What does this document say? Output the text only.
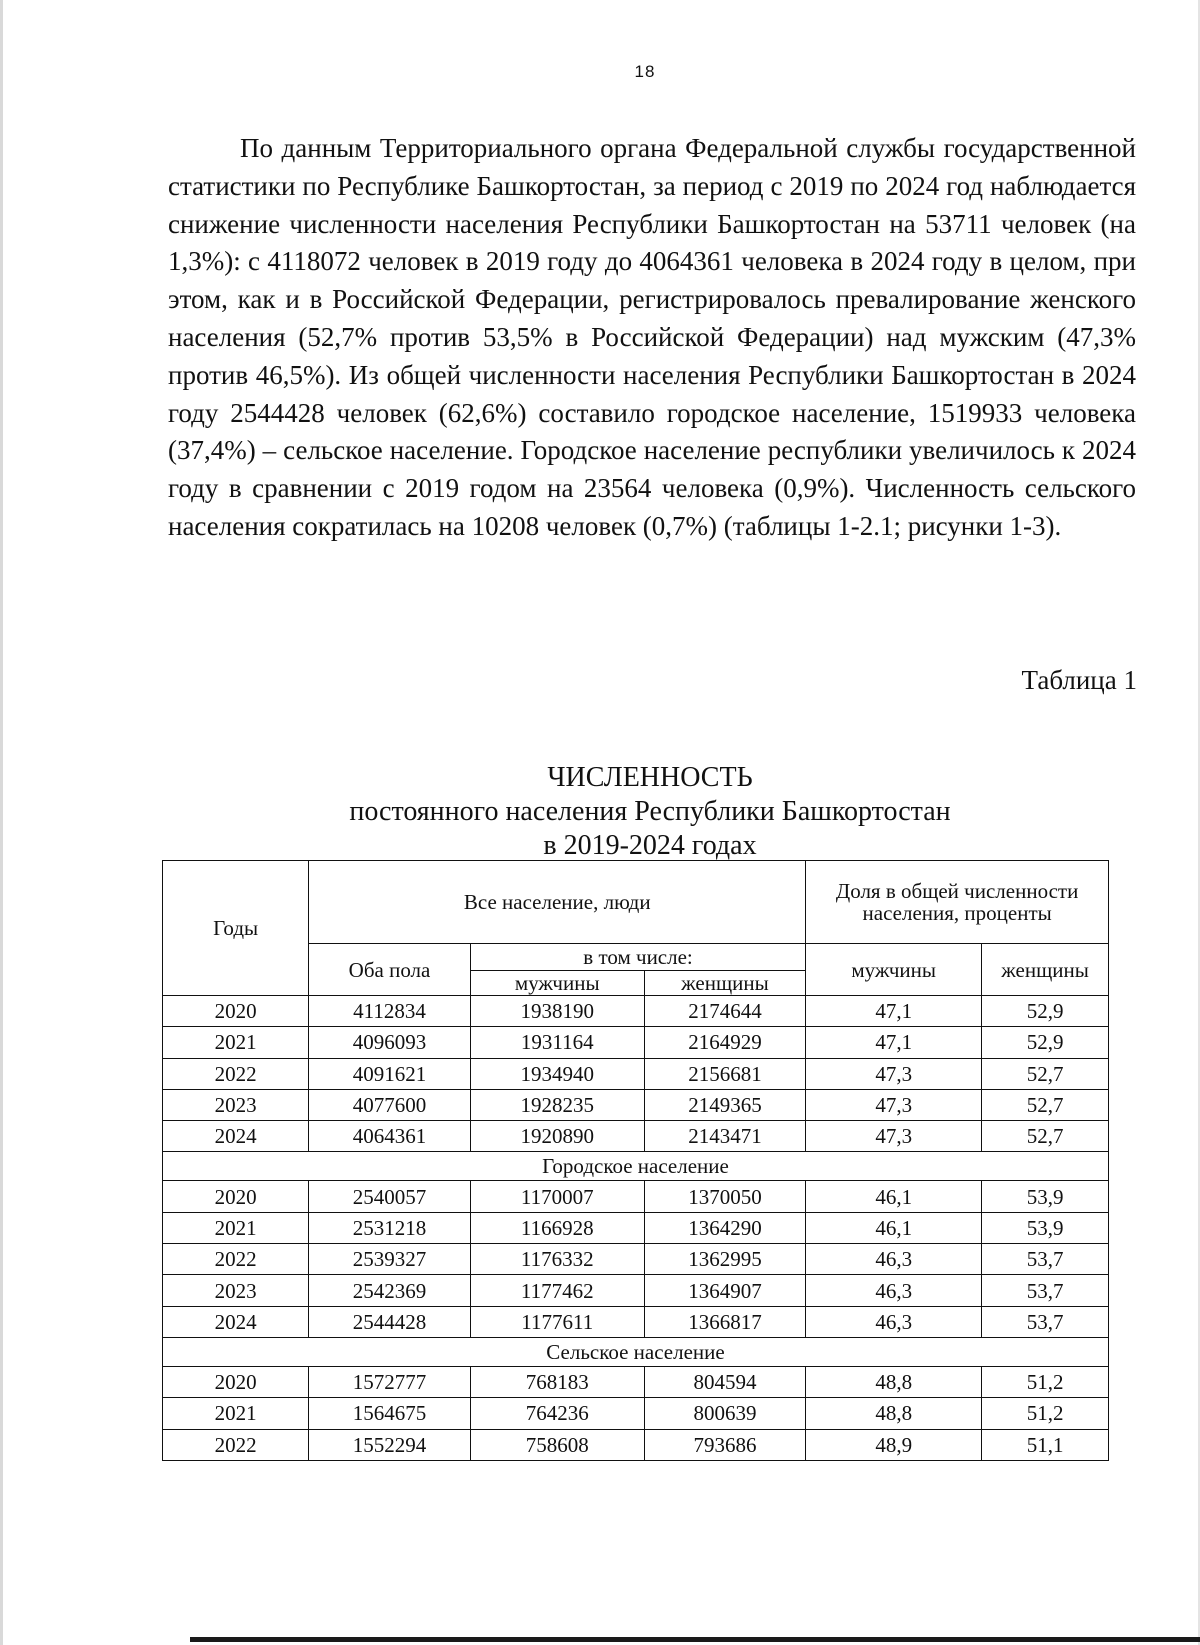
18

По данным Территориального органа Федеральной службы государственной статистики по Республике Башкортостан, за период с 2019 по 2024 год наблюдается снижение численности населения Республики Башкортостан на 53711 человек (на 1,3%): с 4118072 человек в 2019 году до 4064361 человека в 2024 году в целом, при этом, как и в Российской Федерации, регистрировалось превалирование женского населения (52,7% против 53,5% в Российской Федерации) над мужским (47,3% против 46,5%). Из общей численности населения Республики Башкортостан в 2024 году 2544428 человек (62,6%) составило городское население, 1519933 человека (37,4%) – сельское население. Городское население республики увеличилось к 2024 году в сравнении с 2019 годом на 23564 человека (0,9%). Численность сельского населения сократилась на 10208 человек (0,7%) (таблицы 1-2.1; рисунки 1-3).

Таблица 1
ЧИСЛЕННОСТЬ
постоянного населения Республики Башкортостан
в 2019-2024 годах
Годы	Все население, люди			Доля в общей численности населения, проценты	
	Оба пола	в том числе:		мужчины	женщины
		мужчины	женщины		
2020	4112834	1938190	2174644	47,1	52,9
2021	4096093	1931164	2164929	47,1	52,9
2022	4091621	1934940	2156681	47,3	52,7
2023	4077600	1928235	2149365	47,3	52,7
2024	4064361	1920890	2143471	47,3	52,7
Городское население					
2020	2540057	1170007	1370050	46,1	53,9
2021	2531218	1166928	1364290	46,1	53,9
2022	2539327	1176332	1362995	46,3	53,7
2023	2542369	1177462	1364907	46,3	53,7
2024	2544428	1177611	1366817	46,3	53,7
Сельское население					
2020	1572777	768183	804594	48,8	51,2
2021	1564675	764236	800639	48,8	51,2
2022	1552294	758608	793686	48,9	51,1
